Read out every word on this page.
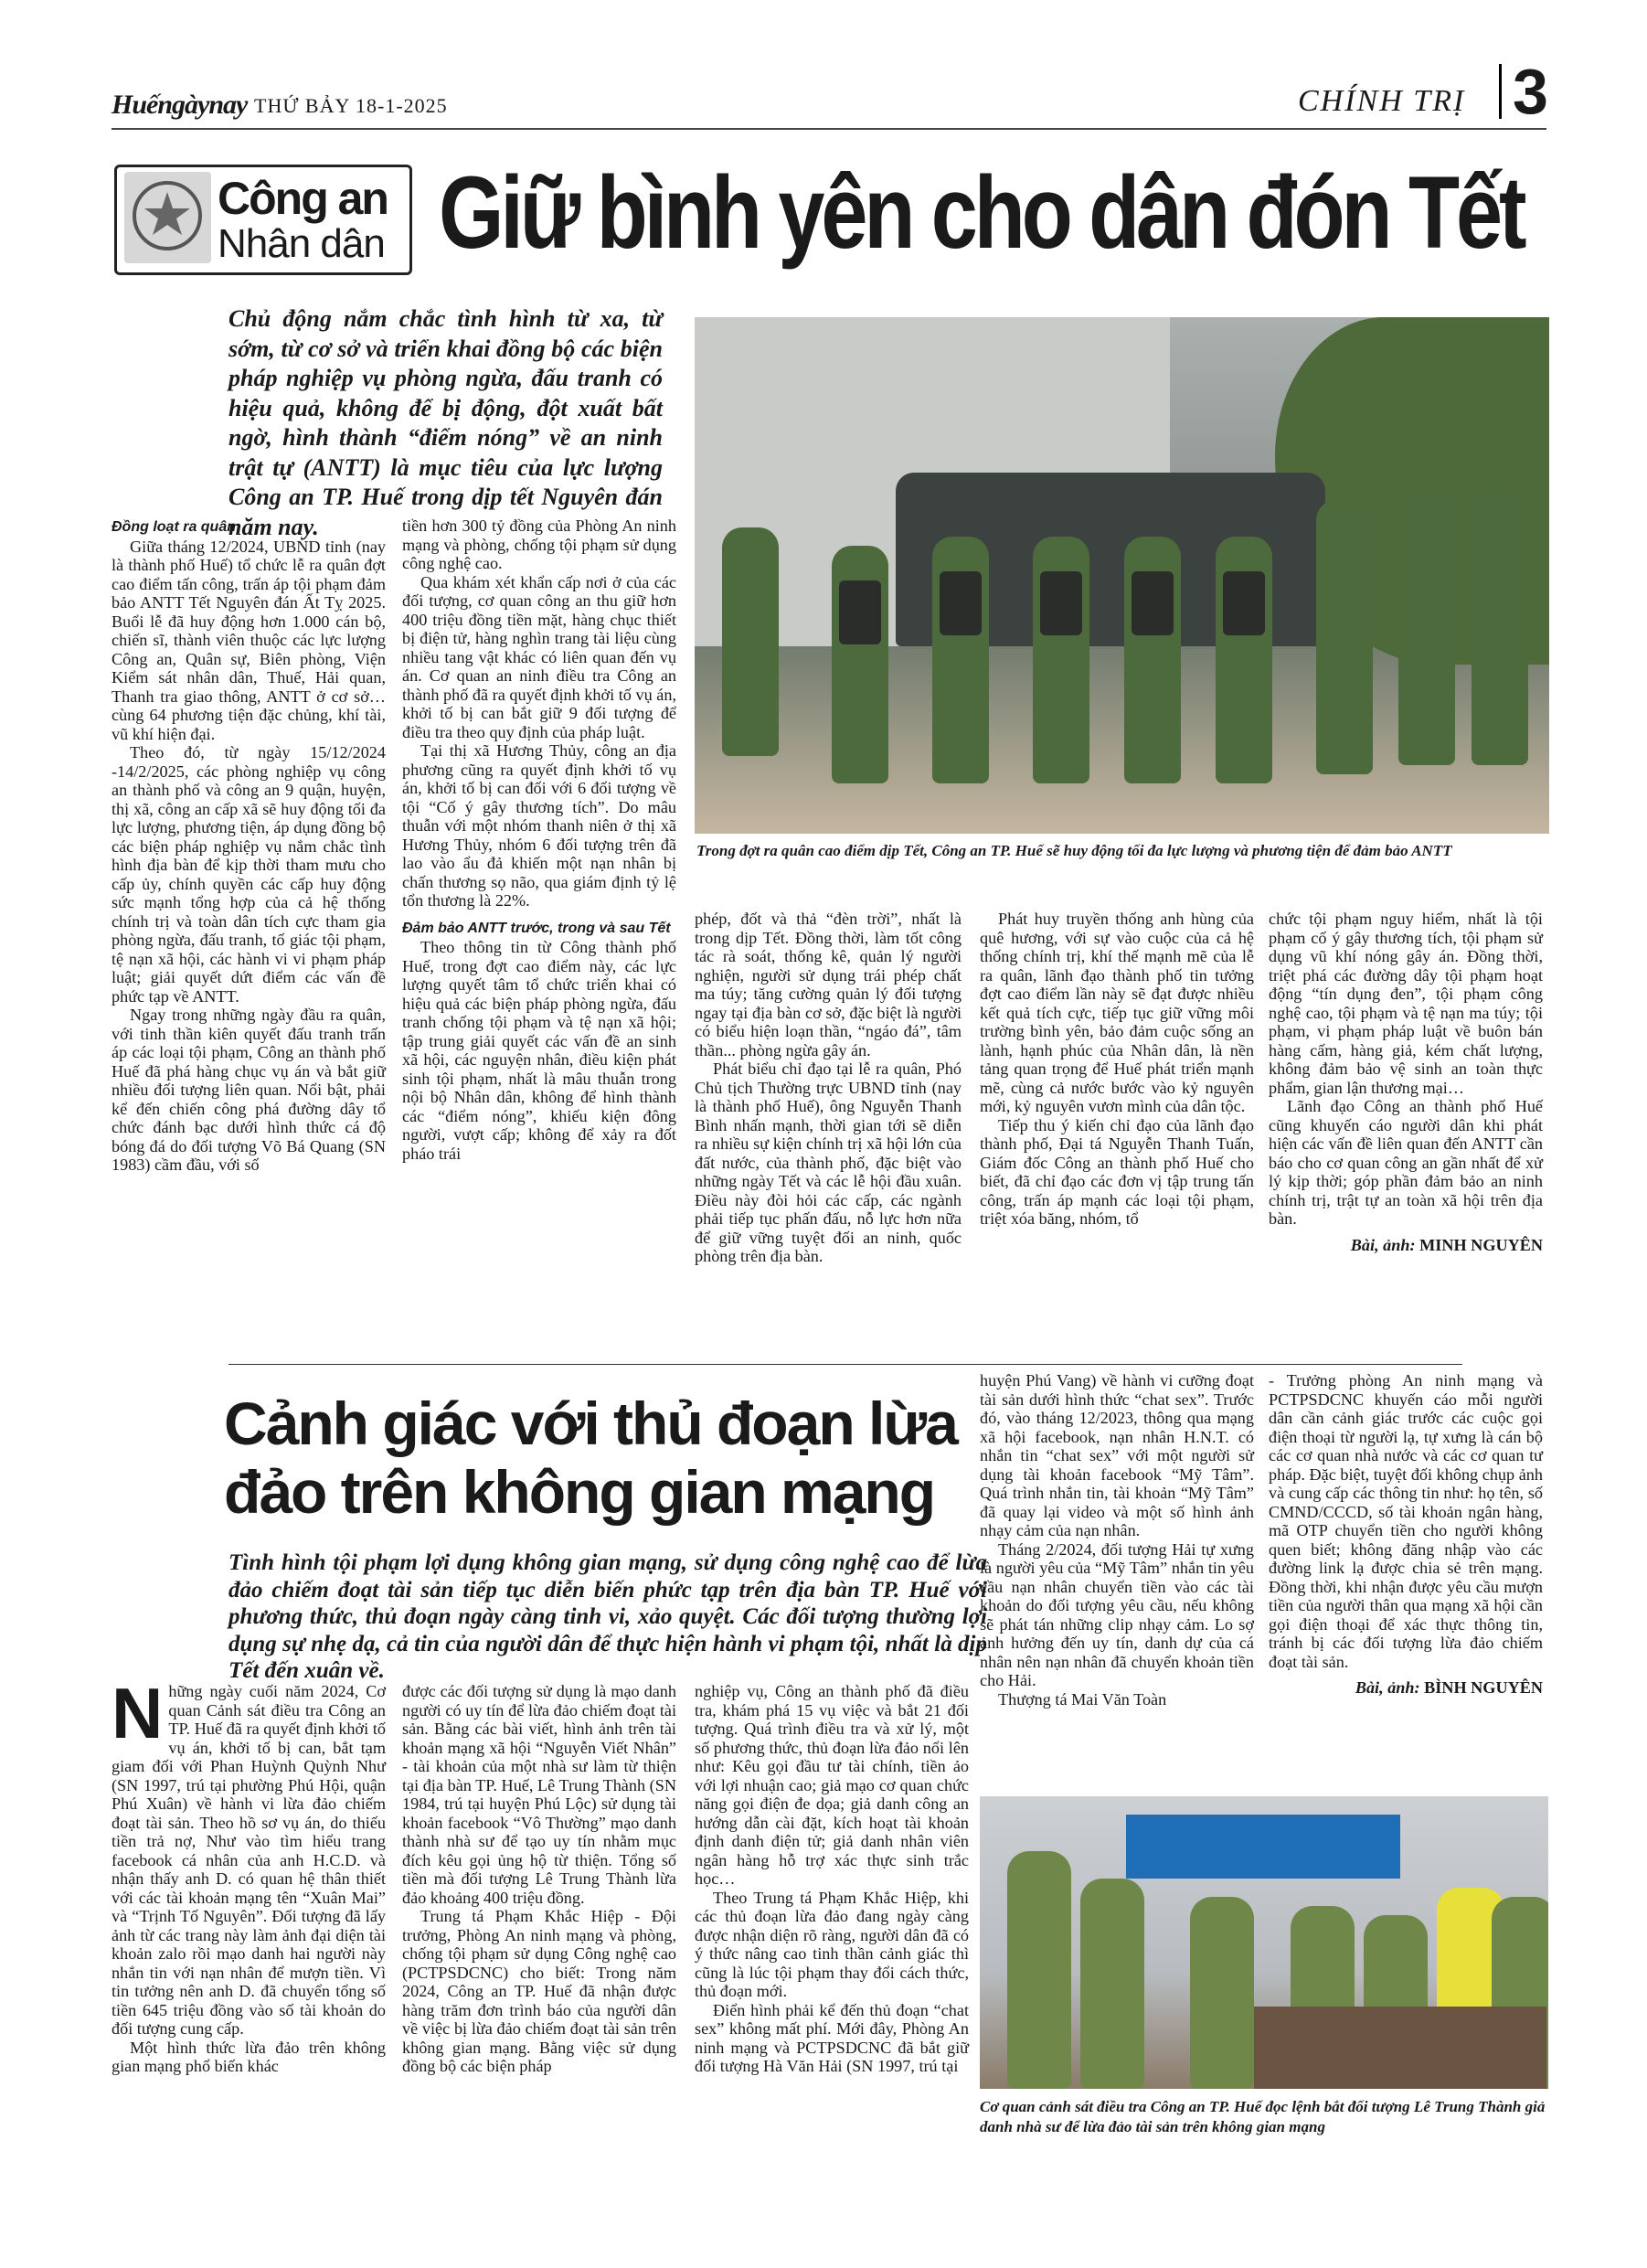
Huếngàynay THỨ BẢY 18-1-2025	CHÍNH TRỊ 3
Công an
Nhân dân Giữ bình yên cho dân đón Tết

Chủ động nắm chắc tình hình từ xa, từ sớm, từ cơ sở và triển khai đồng bộ các biện pháp nghiệp vụ phòng ngừa, đấu tranh có hiệu quả, không để bị động, đột xuất bất ngờ, hình thành “điểm nóng” về an ninh trật tự (ANTT) là mục tiêu của lực lượng Công an TP. Huế trong dịp tết Nguyên đán năm nay.

Trong đợt ra quân cao điểm dịp Tết, Công an TP. Huế sẽ huy động tối đa lực lượng và phương tiện để đảm bảo ANTT

Đồng loạt ra quân

Giữa tháng 12/2024, UBND tỉnh (nay là thành phố Huế) tổ chức lễ ra quân đợt cao điểm tấn công, trấn áp tội phạm đảm bảo ANTT Tết Nguyên đán Ất Tỵ 2025. Buổi lễ đã huy động hơn 1.000 cán bộ, chiến sĩ, thành viên thuộc các lực lượng Công an, Quân sự, Biên phòng, Viện Kiểm sát nhân dân, Thuế, Hải quan, Thanh tra giao thông, ANTT ở cơ sở… cùng 64 phương tiện đặc chủng, khí tài, vũ khí hiện đại.

Theo đó, từ ngày 15/12/2024 -14/2/2025, các phòng nghiệp vụ công an thành phố và công an 9 quận, huyện, thị xã, công an cấp xã sẽ huy động tối đa lực lượng, phương tiện, áp dụng đồng bộ các biện pháp nghiệp vụ nắm chắc tình hình địa bàn để kịp thời tham mưu cho cấp ủy, chính quyền các cấp huy động sức mạnh tổng hợp của cả hệ thống chính trị và toàn dân tích cực tham gia phòng ngừa, đấu tranh, tố giác tội phạm, tệ nạn xã hội, các hành vi vi phạm pháp luật; giải quyết dứt điểm các vấn đề phức tạp về ANTT.

Ngay trong những ngày đầu ra quân, với tinh thần kiên quyết đấu tranh trấn áp các loại tội phạm, Công an thành phố Huế đã phá hàng chục vụ án và bắt giữ nhiều đối tượng liên quan. Nổi bật, phải kể đến chiến công phá đường dây tổ chức đánh bạc dưới hình thức cá độ bóng đá do đối tượng Võ Bá Quang (SN 1983) cầm đầu, với số

tiền hơn 300 tỷ đồng của Phòng An ninh mạng và phòng, chống tội phạm sử dụng công nghệ cao.

Qua khám xét khẩn cấp nơi ở của các đối tượng, cơ quan công an thu giữ hơn 400 triệu đồng tiền mặt, hàng chục thiết bị điện tử, hàng nghìn trang tài liệu cùng nhiều tang vật khác có liên quan đến vụ án. Cơ quan an ninh điều tra Công an thành phố đã ra quyết định khởi tố vụ án, khởi tố bị can bắt giữ 9 đối tượng để điều tra theo quy định của pháp luật.

Tại thị xã Hương Thủy, công an địa phương cũng ra quyết định khởi tố vụ án, khởi tố bị can đối với 6 đối tượng về tội “Cố ý gây thương tích”. Do mâu thuẫn với một nhóm thanh niên ở thị xã Hương Thủy, nhóm 6 đối tượng trên đã lao vào ẩu đả khiến một nạn nhân bị chấn thương sọ não, qua giám định tỷ lệ tổn thương là 22%.

Đảm bảo ANTT trước, trong và sau Tết

Theo thông tin từ Công thành phố Huế, trong đợt cao điểm này, các lực lượng quyết tâm tổ chức triển khai có hiệu quả các biện pháp phòng ngừa, đấu tranh chống tội phạm và tệ nạn xã hội; tập trung giải quyết các vấn đề an sinh xã hội, các nguyện nhân, điều kiện phát sinh tội phạm, nhất là mâu thuẫn trong nội bộ Nhân dân, không để hình thành các “điểm nóng”, khiếu kiện đông người, vượt cấp; không để xảy ra đốt pháo trái

phép, đốt và thả “đèn trời”, nhất là trong dịp Tết. Đồng thời, làm tốt công tác rà soát, thống kê, quản lý người nghiện, người sử dụng trái phép chất ma túy; tăng cường quản lý đối tượng ngay tại địa bàn cơ sở, đặc biệt là người có biểu hiện loạn thần, “ngáo đá”, tâm thần... phòng ngừa gây án.

Phát biểu chỉ đạo tại lễ ra quân, Phó Chủ tịch Thường trực UBND tỉnh (nay là thành phố Huế), ông Nguyễn Thanh Bình nhấn mạnh, thời gian tới sẽ diễn ra nhiều sự kiện chính trị xã hội lớn của đất nước, của thành phố, đặc biệt vào những ngày Tết và các lễ hội đầu xuân. Điều này đòi hỏi các cấp, các ngành phải tiếp tục phấn đấu, nỗ lực hơn nữa để giữ vững tuyệt đối an ninh, quốc phòng trên địa bàn.

Phát huy truyền thống anh hùng của quê hương, với sự vào cuộc của cả hệ thống chính trị, khí thế mạnh mẽ của lễ ra quân, lãnh đạo thành phố tin tưởng đợt cao điểm lần này sẽ đạt được nhiều kết quả tích cực, tiếp tục giữ vững môi trường bình yên, bảo đảm cuộc sống an lành, hạnh phúc của Nhân dân, là nền tảng quan trọng để Huế phát triển mạnh mẽ, cùng cả nước bước vào kỷ nguyên mới, kỷ nguyên vươn mình của dân tộc.

Tiếp thu ý kiến chỉ đạo của lãnh đạo thành phố, Đại tá Nguyễn Thanh Tuấn, Giám đốc Công an thành phố Huế cho biết, đã chỉ đạo các đơn vị tập trung tấn công, trấn áp mạnh các loại tội phạm, triệt xóa băng, nhóm, tổ

chức tội phạm nguy hiểm, nhất là tội phạm cố ý gây thương tích, tội phạm sử dụng vũ khí nóng gây án. Đồng thời, triệt phá các đường dây tội phạm hoạt động “tín dụng đen”, tội phạm công nghệ cao, tội phạm và tệ nạn ma túy; tội phạm, vi phạm pháp luật về buôn bán hàng cấm, hàng giả, kém chất lượng, không đảm bảo vệ sinh an toàn thực phẩm, gian lận thương mại…

Lãnh đạo Công an thành phố Huế cũng khuyến cáo người dân khi phát hiện các vấn đề liên quan đến ANTT cần báo cho cơ quan công an gần nhất để xử lý kịp thời; góp phần đảm bảo an ninh chính trị, trật tự an toàn xã hội trên địa bàn.

Bài, ảnh: MINH NGUYÊN

Cảnh giác với thủ đoạn lừa đảo trên không gian mạng

Tình hình tội phạm lợi dụng không gian mạng, sử dụng công nghệ cao để lừa đảo chiếm đoạt tài sản tiếp tục diễn biến phức tạp trên địa bàn TP. Huế với phương thức, thủ đoạn ngày càng tinh vi, xảo quyệt. Các đối tượng thường lợi dụng sự nhẹ dạ, cả tin của người dân để thực hiện hành vi phạm tội, nhất là dịp Tết đến xuân về.

Những ngày cuối năm 2024, Cơ quan Cảnh sát điều tra Công an TP. Huế đã ra quyết định khởi tố vụ án, khởi tố bị can, bắt tạm giam đối với Phan Huỳnh Quỳnh Như (SN 1997, trú tại phường Phú Hội, quận Phú Xuân) về hành vi lừa đảo chiếm đoạt tài sản. Theo hồ sơ vụ án, do thiếu tiền trả nợ, Như vào tìm hiểu trang facebook cá nhân của anh H.C.D. và nhận thấy anh D. có quan hệ thân thiết với các tài khoản mạng tên “Xuân Mai” và “Trịnh Tố Nguyên”. Đối tượng đã lấy ảnh từ các trang này làm ảnh đại diện tài khoản zalo rồi mạo danh hai người này nhắn tin với nạn nhân để mượn tiền. Vì tin tưởng nên anh D. đã chuyển tổng số tiền 645 triệu đồng vào số tài khoản do đối tượng cung cấp.

Một hình thức lừa đảo trên không gian mạng phổ biến khác

được các đối tượng sử dụng là mạo danh người có uy tín để lừa đảo chiếm đoạt tài sản. Bằng các bài viết, hình ảnh trên tài khoản mạng xã hội “Nguyễn Viết Nhân” - tài khoản của một nhà sư làm từ thiện tại địa bàn TP. Huế, Lê Trung Thành (SN 1984, trú tại huyện Phú Lộc) sử dụng tài khoản facebook “Vô Thường” mạo danh thành nhà sư để tạo uy tín nhằm mục đích kêu gọi ủng hộ từ thiện. Tổng số tiền mà đối tượng Lê Trung Thành lừa đảo khoảng 400 triệu đồng.

Trung tá Phạm Khắc Hiệp - Đội trưởng, Phòng An ninh mạng và phòng, chống tội phạm sử dụng Công nghệ cao (PCTPSDCNC) cho biết: Trong năm 2024, Công an TP. Huế đã nhận được hàng trăm đơn trình báo của người dân về việc bị lừa đảo chiếm đoạt tài sản trên không gian mạng. Bằng việc sử dụng đồng bộ các biện pháp

nghiệp vụ, Công an thành phố đã điều tra, khám phá 15 vụ việc và bắt 21 đối tượng. Quá trình điều tra và xử lý, một số phương thức, thủ đoạn lừa đảo nổi lên như: Kêu gọi đầu tư tài chính, tiền ảo với lợi nhuận cao; giả mạo cơ quan chức năng gọi điện đe dọa; giả danh công an hướng dẫn cài đặt, kích hoạt tài khoản định danh điện tử; giả danh nhân viên ngân hàng hỗ trợ xác thực sinh trắc học…

Theo Trung tá Phạm Khắc Hiệp, khi các thủ đoạn lừa đảo đang ngày càng được nhận diện rõ ràng, người dân đã có ý thức nâng cao tinh thần cảnh giác thì cũng là lúc tội phạm thay đổi cách thức, thủ đoạn mới.

Điển hình phải kể đến thủ đoạn “chat sex” không mất phí. Mới đây, Phòng An ninh mạng và PCTPSDCNC đã bắt giữ đối tượng Hà Văn Hải (SN 1997, trú tại

huyện Phú Vang) về hành vi cưỡng đoạt tài sản dưới hình thức “chat sex”. Trước đó, vào tháng 12/2023, thông qua mạng xã hội facebook, nạn nhân H.N.T. có nhắn tin “chat sex” với một người sử dụng tài khoản facebook “Mỹ Tâm”. Quá trình nhắn tin, tài khoản “Mỹ Tâm” đã quay lại video và một số hình ảnh nhạy cảm của nạn nhân.

Tháng 2/2024, đối tượng Hải tự xưng là người yêu của “Mỹ Tâm” nhắn tin yêu cầu nạn nhân chuyển tiền vào các tài khoản do đối tượng yêu cầu, nếu không sẽ phát tán những clip nhạy cảm. Lo sợ ảnh hưởng đến uy tín, danh dự của cá nhân nên nạn nhân đã chuyển khoản tiền cho Hải.

Thượng tá Mai Văn Toàn

- Trưởng phòng An ninh mạng và PCTPSDCNC khuyến cáo mỗi người dân cần cảnh giác trước các cuộc gọi điện thoại từ người lạ, tự xưng là cán bộ các cơ quan nhà nước và các cơ quan tư pháp. Đặc biệt, tuyệt đối không chụp ảnh và cung cấp các thông tin như: họ tên, số CMND/CCCD, số tài khoản ngân hàng, mã OTP chuyển tiền cho người không quen biết; không đăng nhập vào các đường link lạ được chia sẻ trên mạng. Đồng thời, khi nhận được yêu cầu mượn tiền của người thân qua mạng xã hội cần gọi điện thoại để xác thực thông tin, tránh bị các đối tượng lừa đảo chiếm đoạt tài sản.

Bài, ảnh: BÌNH NGUYÊN

Cơ quan cảnh sát điều tra Công an TP. Huế đọc lệnh bắt đối tượng Lê Trung Thành giả danh nhà sư để lừa đảo tài sản trên không gian mạng
